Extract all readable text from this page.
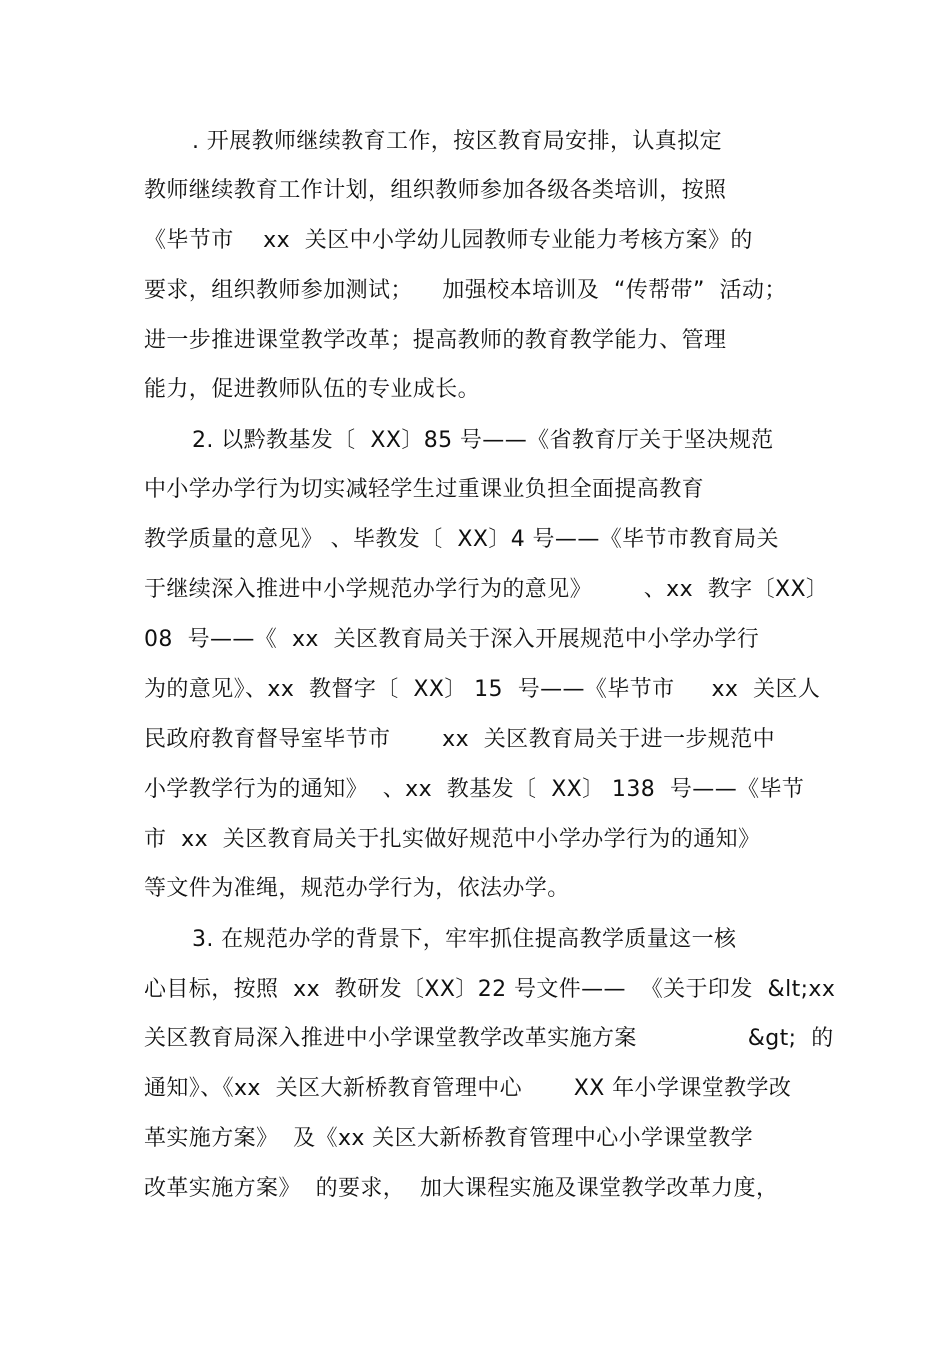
. 开展教师继续教育工作，按区教育局安排，认真拟定
教师继续教育工作计划，组织教师参加各级各类培训，按照
《毕节市    xx  关区中小学幼儿园教师专业能力考核方案》的
要求，组织教师参加测试；    加强校本培训及  “传帮带”  活动；
进一步推进课堂教学改革；提高教师的教育教学能力、管理
能力，促进教师队伍的专业成长。
2. 以黔教基发〔  XX〕85 号——《省教育厅关于坚决规范
中小学办学行为切实减轻学生过重课业负担全面提高教育
教学质量的意见》 、毕教发〔  XX〕4 号——《毕节市教育局关
于继续深入推进中小学规范办学行为的意见》       、xx  教字〔XX〕
08  号——《  xx  关区教育局关于深入开展规范中小学办学行
为的意见》、xx  教督字〔  XX〕 15  号——《毕节市     xx  关区人
民政府教育督导室毕节市       xx  关区教育局关于进一步规范中
小学教学行为的通知》  、xx  教基发〔  XX〕 138  号——《毕节
市  xx  关区教育局关于扎实做好规范中小学办学行为的通知》
等文件为准绳，规范办学行为，依法办学。
3. 在规范办学的背景下，牢牢抓住提高教学质量这一核
心目标，按照  xx  教研发〔XX〕22 号文件——  《关于印发  &lt;xx
关区教育局深入推进中小学课堂教学改革实施方案               &gt;  的
通知》、《xx  关区大新桥教育管理中心       XX 年小学课堂教学改
革实施方案》  及《xx 关区大新桥教育管理中心小学课堂教学
改革实施方案》  的要求，  加大课程实施及课堂教学改革力度，
